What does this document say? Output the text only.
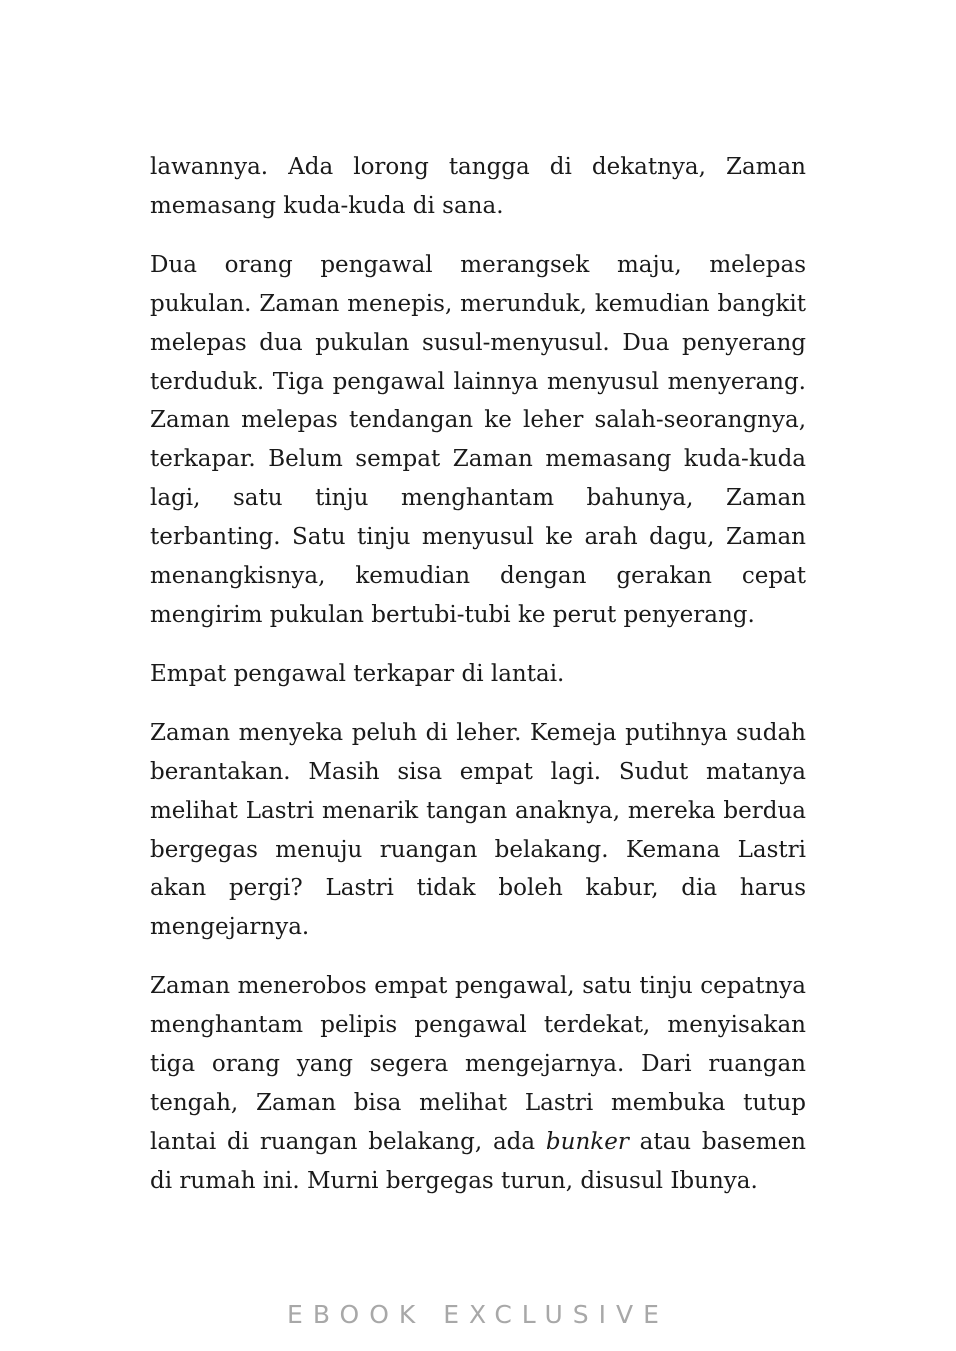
lawannya. Ada lorong tangga di dekatnya, Zaman memasang kuda-kuda di sana.

Dua orang pengawal merangsek maju, melepas pukulan. Zaman menepis, merunduk, kemudian bangkit melepas dua pukulan susul-menyusul. Dua penyerang terduduk. Tiga pengawal lainnya menyusul menyerang. Zaman melepas tendangan ke leher salah-seorangnya, terkapar. Belum sempat Zaman memasang kuda-kuda lagi, satu tinju menghantam bahunya, Zaman terbanting. Satu tinju menyusul ke arah dagu, Zaman menangkisnya, kemudian dengan gerakan cepat mengirim pukulan bertubi-tubi ke perut penyerang.

Empat pengawal terkapar di lantai.

Zaman menyeka peluh di leher. Kemeja putihnya sudah berantakan. Masih sisa empat lagi. Sudut matanya melihat Lastri menarik tangan anaknya, mereka berdua bergegas menuju ruangan belakang. Kemana Lastri akan pergi? Lastri tidak boleh kabur, dia harus mengejarnya.

Zaman menerobos empat pengawal, satu tinju cepatnya menghantam pelipis pengawal terdekat, menyisakan tiga orang yang segera mengejarnya. Dari ruangan tengah, Zaman bisa melihat Lastri membuka tutup lantai di ruangan belakang, ada bunker atau basemen di rumah ini. Murni bergegas turun, disusul Ibunya.

EBOOK EXCLUSIVE
